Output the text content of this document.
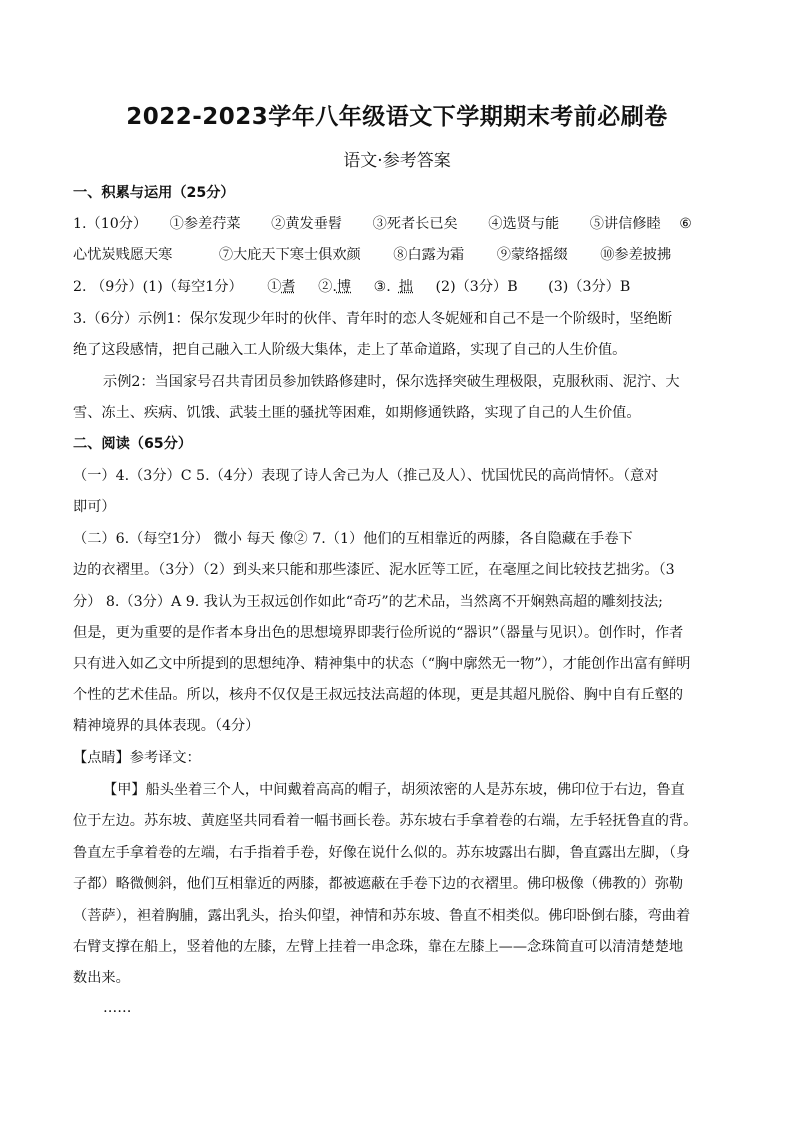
2022-2023学年八年级语文下学期期末考前必刷卷
语文·参考答案
一、积累与运用（25分）
1.（10分） ①参差荇菜 ②黄发垂髫 ③死者长已矣 ④选贤与能 ⑤讲信修睦 ⑥
心忧炭贱愿天寒	⑦大庇天下寒士俱欢颜 ⑧白露为霜 ⑨蒙络摇缀 ⑩参差披拂
2. （9分）(1)（每空1分） ①耆 ②.博 ③. 拙 (2)（3分）B (3)（3分）B
3.（6分）示例1：保尔发现少年时的伙伴、青年时的恋人冬妮娅和自己不是一个阶级时，坚绝断
绝了这段感情，把自己融入工人阶级大集体，走上了革命道路，实现了自己的人生价值。
示例2：当国家号召共青团员参加铁路修建时，保尔选择突破生理极限，克服秋雨、泥泞、大
雪、冻土、疾病、饥饿、武装土匪的骚扰等困难，如期修通铁路，实现了自己的人生价值。
二、阅读（65分）
（一）4.（3分）C 5.（4分）表现了诗人舍己为人（推己及人）、忧国忧民的高尚情怀。（意对
即可）
（二）6.（每空1分） 微小 每天 像② 7.（1）他们的互相靠近的两膝，各自隐藏在手卷下
边的衣褶里。（3分）（2）到头来只能和那些漆匠、泥水匠等工匠，在毫厘之间比较技艺拙劣。（3
分） 8.（3分）A 9. 我认为王叔远创作如此“奇巧”的艺术品，当然离不开娴熟高超的雕刻技法;
但是，更为重要的是作者本身出色的思想境界即裴行俭所说的“器识”（器量与见识）。创作时，作者
只有进入如乙文中所提到的思想纯净、精神集中的状态（“胸中廓然无一物”），才能创作出富有鲜明
个性的艺术佳品。所以，核舟不仅仅是王叔远技法高超的体现，更是其超凡脱俗、胸中自有丘壑的
精神境界的具体表现。（4分）
【点睛】参考译文：
【甲】船头坐着三个人，中间戴着高高的帽子，胡须浓密的人是苏东坡，佛印位于右边，鲁直
位于左边。苏东坡、黄庭坚共同看着一幅书画长卷。苏东坡右手拿着卷的右端，左手轻抚鲁直的背。
鲁直左手拿着卷的左端，右手指着手卷，好像在说什么似的。苏东坡露出右脚，鲁直露出左脚，（身
子都）略微侧斜，他们互相靠近的两膝，都被遮蔽在手卷下边的衣褶里。佛印极像（佛教的）弥勒
（菩萨），袒着胸脯，露出乳头，抬头仰望，神情和苏东坡、鲁直不相类似。佛印卧倒右膝，弯曲着
右臂支撑在船上，竖着他的左膝，左臂上挂着一串念珠，靠在左膝上——念珠简直可以清清楚楚地
数出来。
……
